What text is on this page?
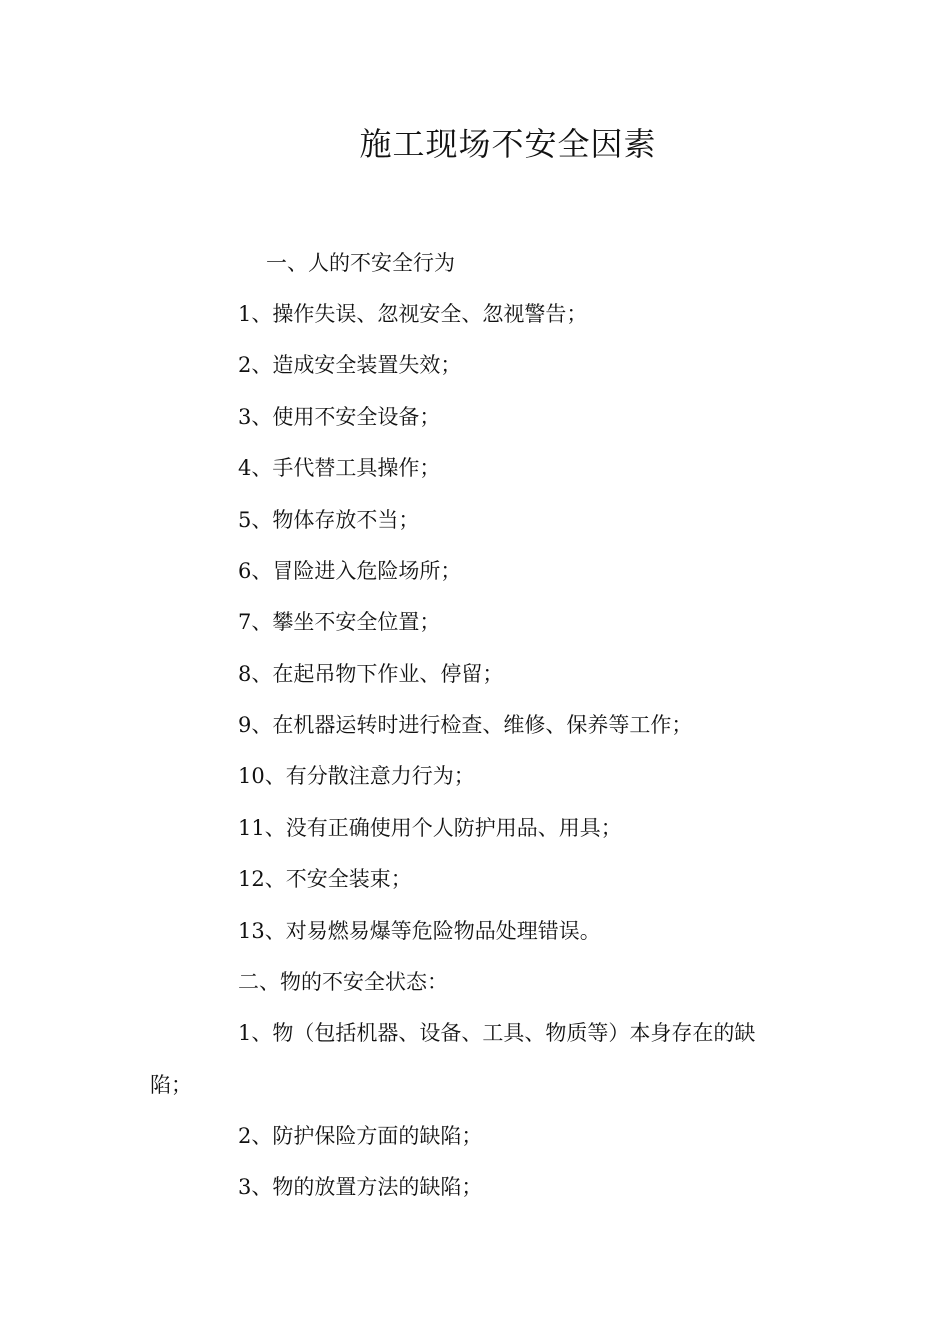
施工现场不安全因素
一、人的不安全行为
1、操作失误、忽视安全、忽视警告；
2、造成安全装置失效；
3、使用不安全设备；
4、手代替工具操作；
5、物体存放不当；
6、冒险进入危险场所；
7、攀坐不安全位置；
8、在起吊物下作业、停留；
9、在机器运转时进行检查、维修、保养等工作；
10、有分散注意力行为；
11、没有正确使用个人防护用品、用具；
12、不安全装束；
13、对易燃易爆等危险物品处理错误。
二、物的不安全状态：
1、物（包括机器、设备、工具、物质等）本身存在的缺
陷；
2、防护保险方面的缺陷；
3、物的放置方法的缺陷；
